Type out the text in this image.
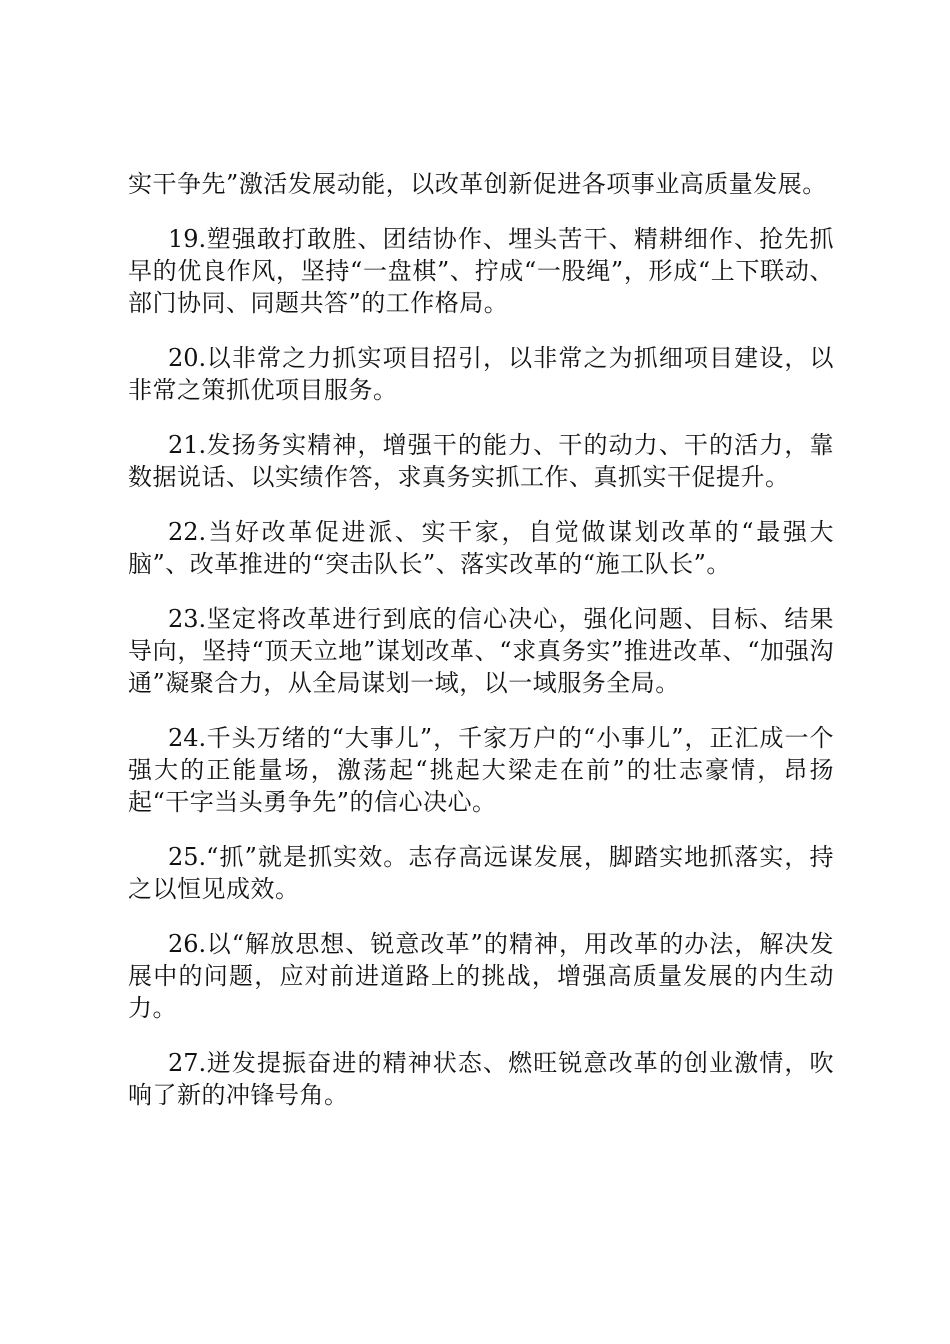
实干争先”激活发展动能，以改革创新促进各项事业高质量发展。

19.塑强敢打敢胜、团结协作、埋头苦干、精耕细作、抢先抓早的优良作风，坚持“一盘棋”、拧成“一股绳”，形成“上下联动、部门协同、同题共答”的工作格局。

20.以非常之力抓实项目招引，以非常之为抓细项目建设，以非常之策抓优项目服务。

21.发扬务实精神，增强干的能力、干的动力、干的活力，靠数据说话、以实绩作答，求真务实抓工作、真抓实干促提升。

22.当好改革促进派、实干家，自觉做谋划改革的“最强大脑”、改革推进的“突击队长”、落实改革的“施工队长”。

23.坚定将改革进行到底的信心决心，强化问题、目标、结果导向，坚持“顶天立地”谋划改革、“求真务实”推进改革、“加强沟通”凝聚合力，从全局谋划一域，以一域服务全局。

24.千头万绪的“大事儿”，千家万户的“小事儿”，正汇成一个强大的正能量场，激荡起“挑起大梁走在前”的壮志豪情，昂扬起“干字当头勇争先”的信心决心。

25.“抓”就是抓实效。志存高远谋发展，脚踏实地抓落实，持之以恒见成效。

26.以“解放思想、锐意改革”的精神，用改革的办法，解决发展中的问题，应对前进道路上的挑战，增强高质量发展的内生动力。

27.迸发提振奋进的精神状态、燃旺锐意改革的创业激情，吹响了新的冲锋号角。
